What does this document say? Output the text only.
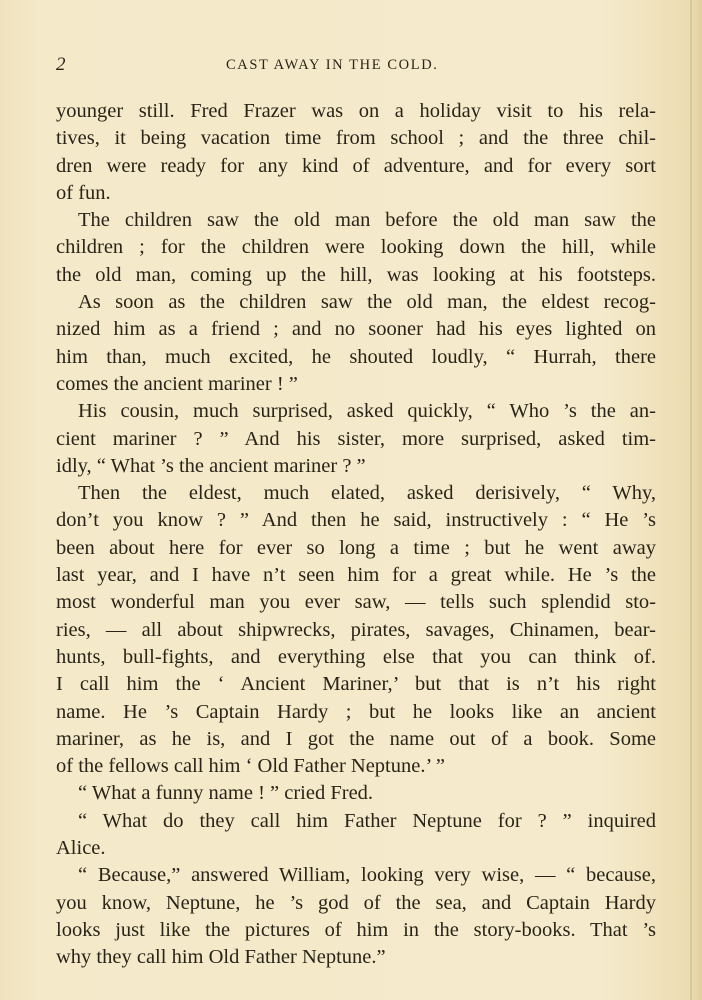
2	CAST AWAY IN THE COLD.
younger still. Fred Frazer was on a holiday visit to his rela-
tives, it being vacation time from school ; and the three chil-
dren were ready for any kind of adventure, and for every sort
of fun.
The children saw the old man before the old man saw the
children ; for the children were looking down the hill, while
the old man, coming up the hill, was looking at his footsteps.
As soon as the children saw the old man, the eldest recog-
nized him as a friend ; and no sooner had his eyes lighted on
him than, much excited, he shouted loudly, “ Hurrah, there
comes the ancient mariner ! ”
His cousin, much surprised, asked quickly, “ Who ’s the an-
cient mariner ? ” And his sister, more surprised, asked tim-
idly, “ What ’s the ancient mariner ? ”
Then the eldest, much elated, asked derisively, “ Why,
don’t you know ? ” And then he said, instructively : “ He ’s
been about here for ever so long a time ; but he went away
last year, and I have n’t seen him for a great while. He ’s the
most wonderful man you ever saw, — tells such splendid sto-
ries, — all about shipwrecks, pirates, savages, Chinamen, bear-
hunts, bull-fights, and everything else that you can think of.
I call him the ‘ Ancient Mariner,’ but that is n’t his right
name. He ’s Captain Hardy ; but he looks like an ancient
mariner, as he is, and I got the name out of a book. Some
of the fellows call him ‘ Old Father Neptune.’ ”
“ What a funny name ! ” cried Fred.
“ What do they call him Father Neptune for ? ” inquired
Alice.
“ Because,” answered William, looking very wise, — “ because,
you know, Neptune, he ’s god of the sea, and Captain Hardy
looks just like the pictures of him in the story-books. That ’s
why they call him Old Father Neptune.”
